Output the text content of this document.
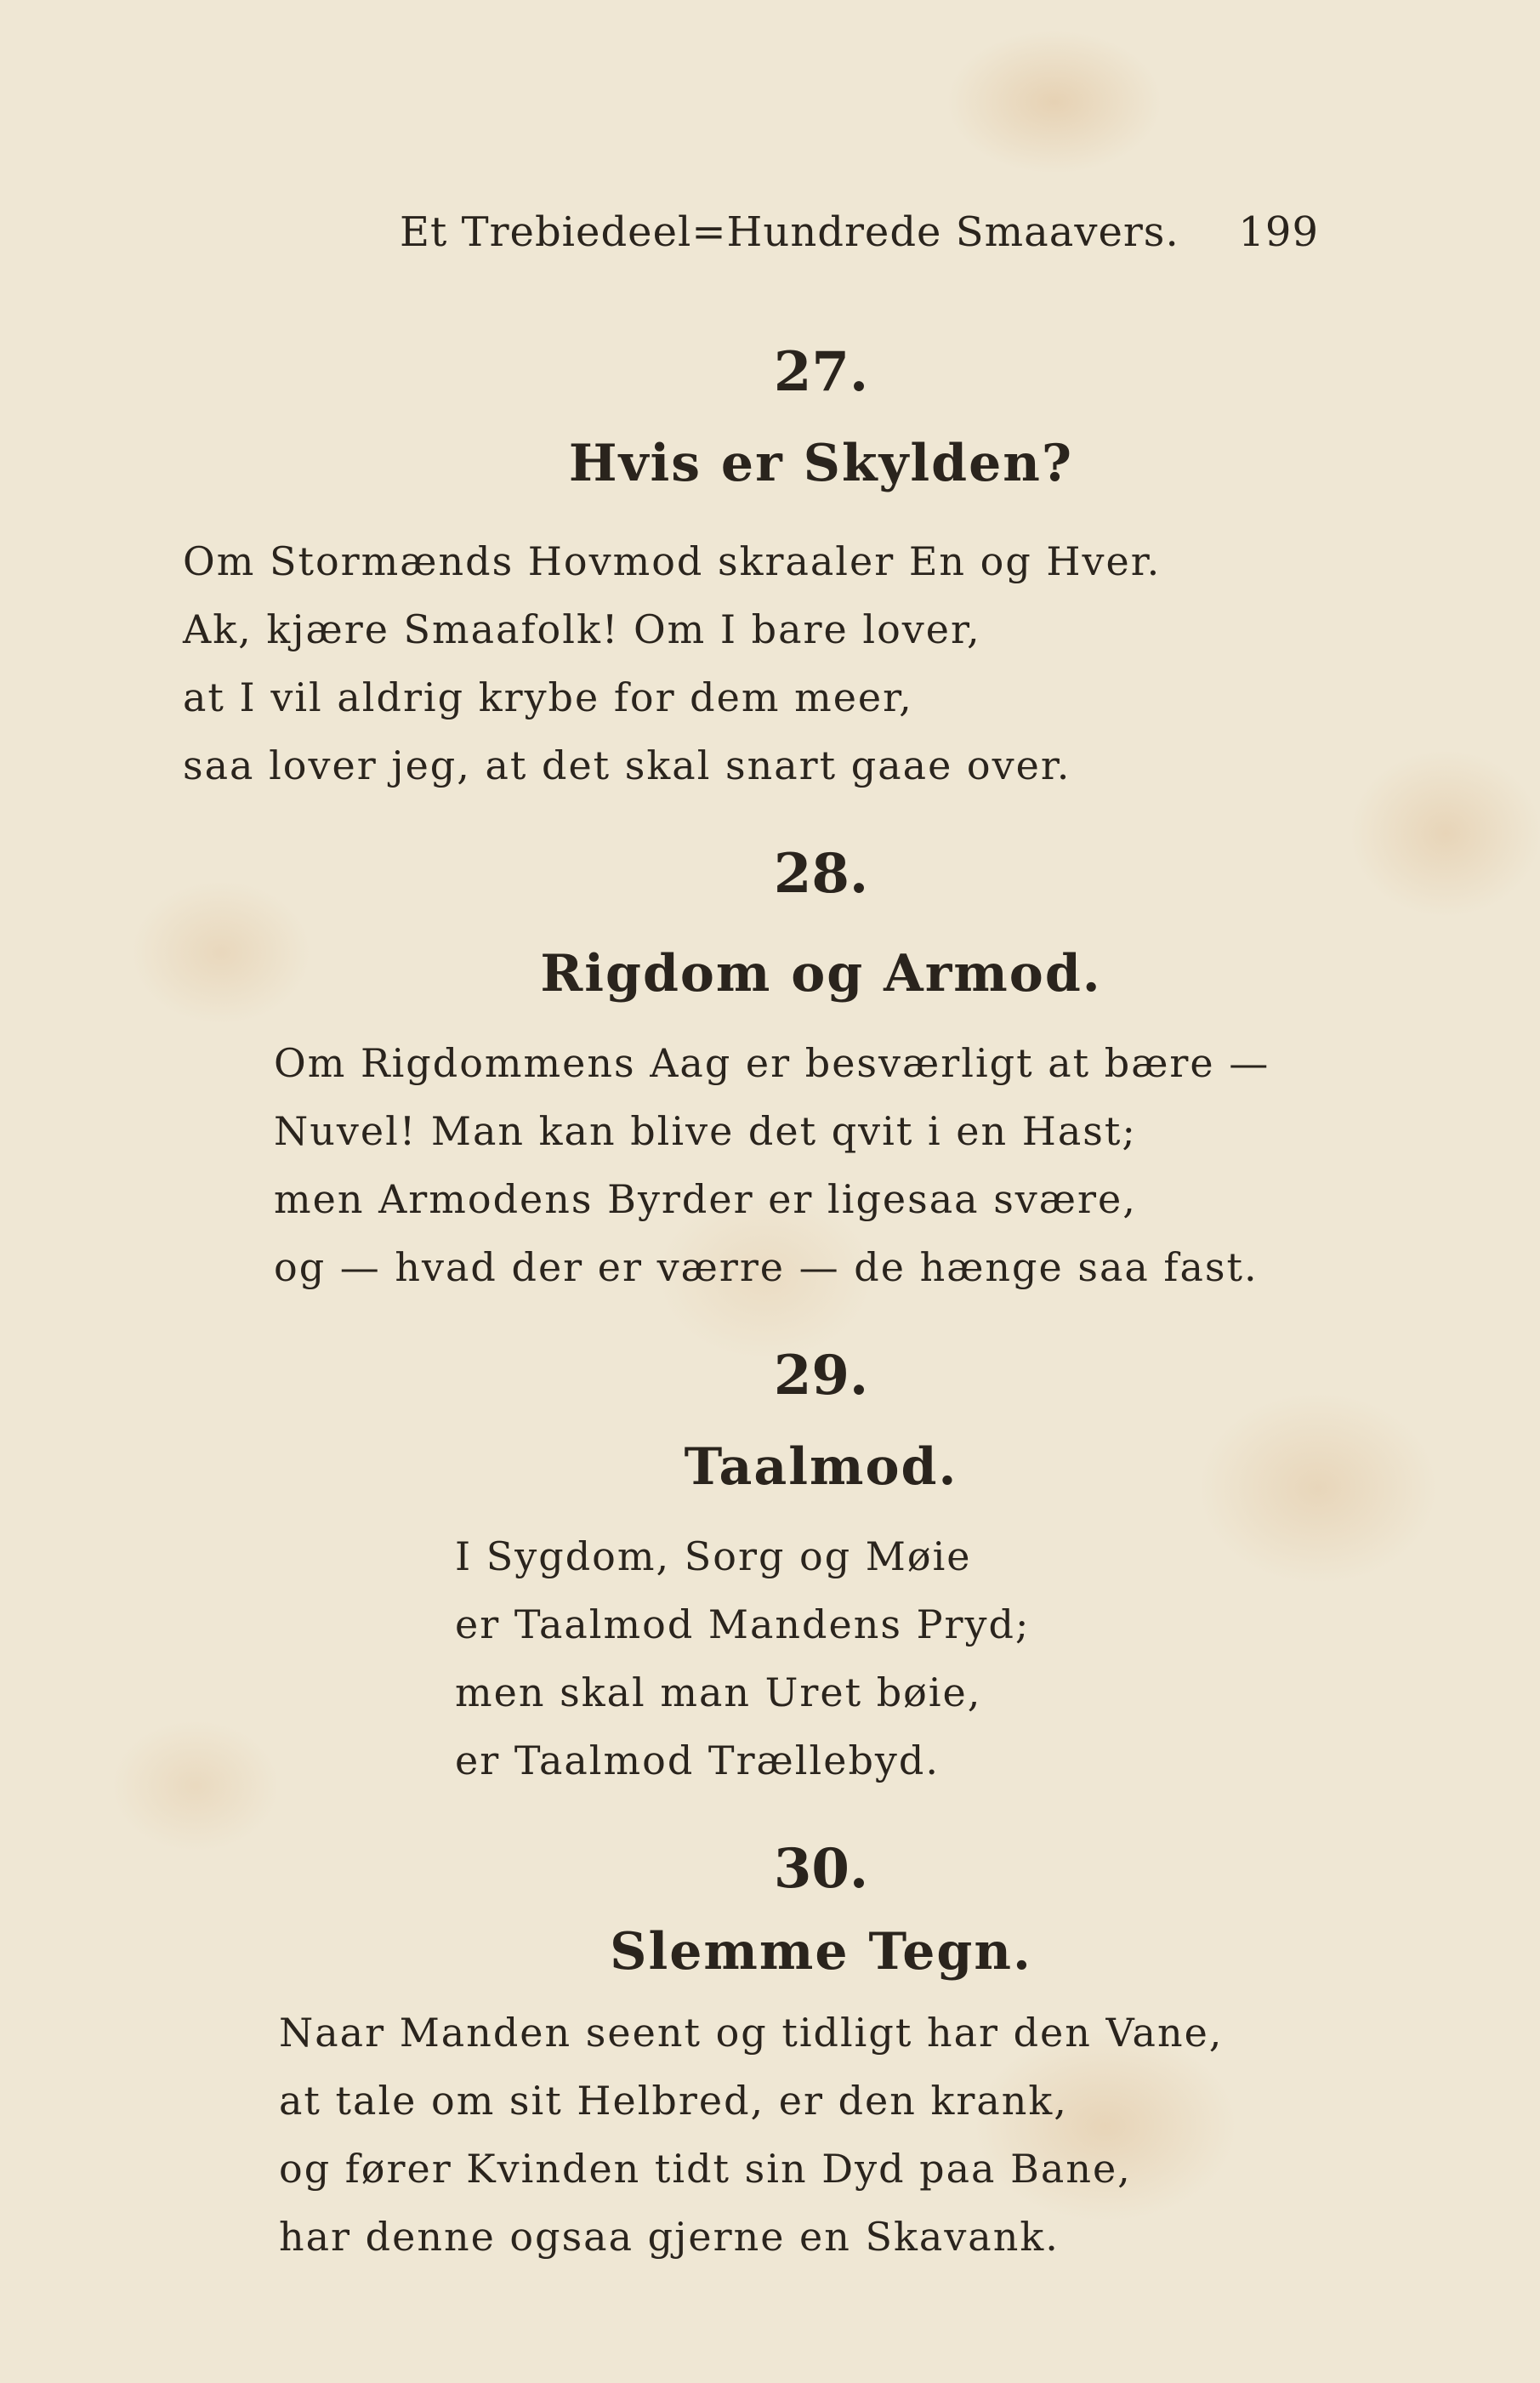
Et Trebiedeel=Hundrede Smaavers. 199
27.
Hvis er Skylden?
Om Stormænds Hovmod skraaler En og Hver.
Ak, kjære Smaafolk! Om I bare lover,
at I vil aldrig krybe for dem meer,
saa lover jeg, at det skal snart gaae over.
28.
Rigdom og Armod.
Om Rigdommens Aag er besværligt at bære —
Nuvel! Man kan blive det qvit i en Hast;
men Armodens Byrder er ligesaa svære,
og — hvad der er værre — de hænge saa fast.
29.
Taalmod.
I Sygdom, Sorg og Møie
er Taalmod Mandens Pryd;
men skal man Uret bøie,
er Taalmod Trællebyd.
30.
Slemme Tegn.
Naar Manden seent og tidligt har den Vane,
at tale om sit Helbred, er den krank,
og fører Kvinden tidt sin Dyd paa Bane,
har denne ogsaa gjerne en Skavank.
